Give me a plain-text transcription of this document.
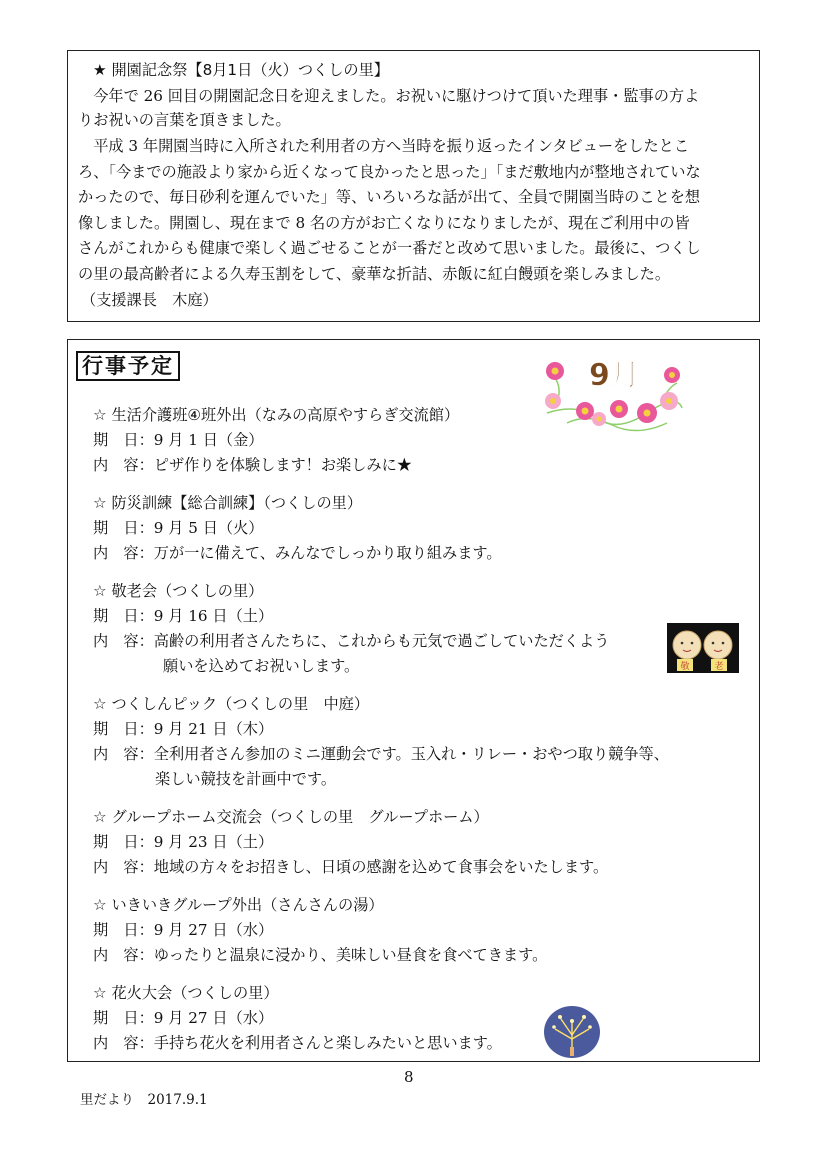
★ 開園記念祭【8月1日（火）つくしの里】
　今年で 26 回目の開園記念日を迎えました。お祝いに駆けつけて頂いた理事・監事の方よ
りお祝いの言葉を頂きました。
　平成 3 年開園当時に入所された利用者の方へ当時を振り返ったインタビューをしたとこ
ろ、「今までの施設より家から近くなって良かったと思った」「まだ敷地内が整地されていな
かったので、毎日砂利を運んでいた」等、いろいろな話が出て、全員で開園当時のことを想
像しました。開園し、現在まで 8 名の方がお亡くなりになりましたが、現在ご利用中の皆
さんがこれからも健康で楽しく過ごせることが一番だと改めて思いました。最後に、つくし
の里の最高齢者による久寿玉割をして、豪華な折詰、赤飯に紅白饅頭を楽しみました。
（支援課長　木庭）
行事予定	9月
☆ 生活介護班④班外出（なみの高原やすらぎ交流館）
期　日：9 月 1 日（金）
内　容：ピザ作りを体験します！お楽しみに★
☆ 防災訓練【総合訓練】（つくしの里）
期　日：9 月 5 日（火）
内　容：万が一に備えて、みんなでしっかり取り組みます。
☆ 敬老会（つくしの里）
期　日：9 月 16 日（土）
内　容：高齢の利用者さんたちに、これからも元気で過ごしていただくよう
願いを込めてお祝いします。	敬	老
☆ つくしんピック（つくしの里　中庭）
期　日：9 月 21 日（木）
内　容：全利用者さん参加のミニ運動会です。玉入れ・リレー・おやつ取り競争等、
楽しい競技を計画中です。
☆ グループホーム交流会（つくしの里　グループホーム）
期　日：9 月 23 日（土）
内　容：地域の方々をお招きし、日頃の感謝を込めて食事会をいたします。
☆ いきいきグループ外出（さんさんの湯）
期　日：9 月 27 日（水）
内　容：ゆったりと温泉に浸かり、美味しい昼食を食べてきます。
☆ 花火大会（つくしの里）
期　日：9 月 27 日（水）
内　容：手持ち花火を利用者さんと楽しみたいと思います。
8
里だより　2017.9.1
